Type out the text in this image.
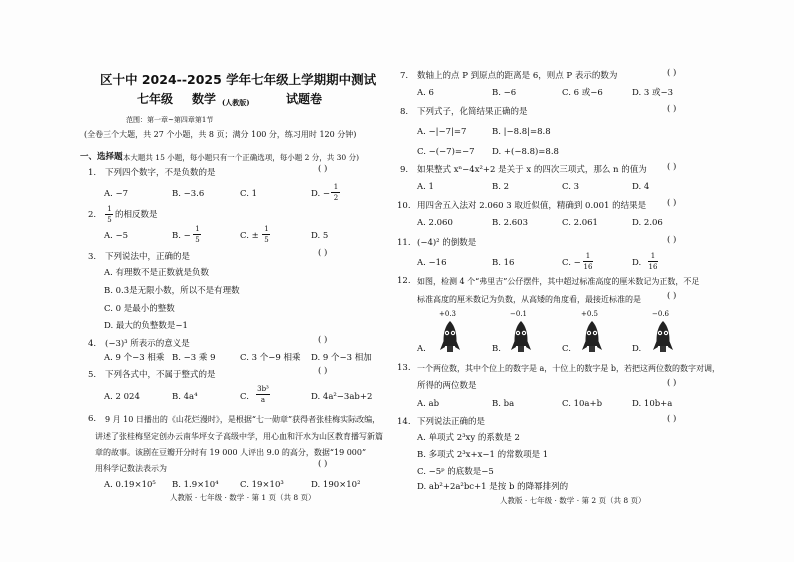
区十中 2024--2025 学年七年级上学期期中测试
七年级 数学 (人教版)	试题卷
范围：第一章~第四章第1节
(全卷三个大题，共 27 个小题，共 8 页；满分 100 分，练习用时 120 分钟)
一、选择题
(本大题共 15 小题，每小题只有一个正确选项，每小题 2 分，共 30 分)
1. 下列四个数字，不是负数的是	( )
A. −7	B. −3.6	C. 1	D. −
1
2
2.
1
5 的相反数是
A. −5	B. −
1
5	C. ±
1
5	D. 5
3. 下列说法中，正确的是	( )
A. 有理数不是正数就是负数
B. 0.3̇是无限小数，所以不是有理数
C. 0 是最小的整数
D. 最大的负整数是−1
4. (−3)³ 所表示的意义是	( )
A. 9 个−3 相乘 B. −3 乘 9	C. 3 个−9 相乘 D. 9 个−3 相加
5. 下列各式中，不属于整式的是	( )
A. 2 024	B. 4a⁴	C.
3b³
a	D. 4a²−3ab+2
6. 9 月 10 日播出的《山花烂漫时》，是根据“七一勋章”获得者张桂梅实际改编，
讲述了张桂梅坚定创办云南华坪女子高级中学，用心血和汗水为山区教育播写新篇
章的故事。该剧在豆瓣开分时有 19 000 人评出 9.0 的高分，数据“19 000”
用科学记数法表示为	( )
A. 0.19×10⁵ B. 1.9×10⁴	C. 19×10³	D. 190×10²
人教版 · 七年级 · 数学 · 第 1 页（共 8 页）
7. 数轴上的点 P 到原点的距离是 6，则点 P 表示的数为	( )
A. 6	B. −6	C. 6 或−6	D. 3 或−3
8. 下列式子，化简结果正确的是	( )
A. −|−7|=7	B. |−8.8|=8.8
C. −(−7)=−7 D. +(−8.8)=8.8
9. 如果整式 xⁿ−4x²+2 是关于 x 的四次三项式，那么 n 的值为 ( )
A. 1	B. 2	C. 3	D. 4
10. 用四舍五入法对 2.060 3 取近似值，精确到 0.001 的结果是 ( )
A. 2.060	B. 2.603	C. 2.061	D. 2.06
11. (−4)² 的倒数是	( )
A. −16	B. 16	C. −
1
16	D.
1
16
12. 如图，检测 4 个“弗里吉”公仔摆件，其中超过标准高度的厘米数记为正数，不足
标准高度的厘米数记为负数，从高矮的角度看，最接近标准的是	( )
+0.3	−0.1	+0.5	−0.6
A.	B.	C.	D.
13. 一个两位数，其中个位上的数字是 a，十位上的数字是 b，若把这两位数的数字对调，
所得的两位数是	( )
A. ab	B. ba	C. 10a+b	D. 10b+a
14. 下列说法正确的是	( )
A. 单项式 2³xy 的系数是 2
B. 多项式 2³x+x−1 的常数项是 1
C. −5ᵖ 的底数是−5
D. ab²+2a²bc+1 是按 b 的降幂排列的
人教版 · 七年级 · 数学 · 第 2 页（共 8 页）
